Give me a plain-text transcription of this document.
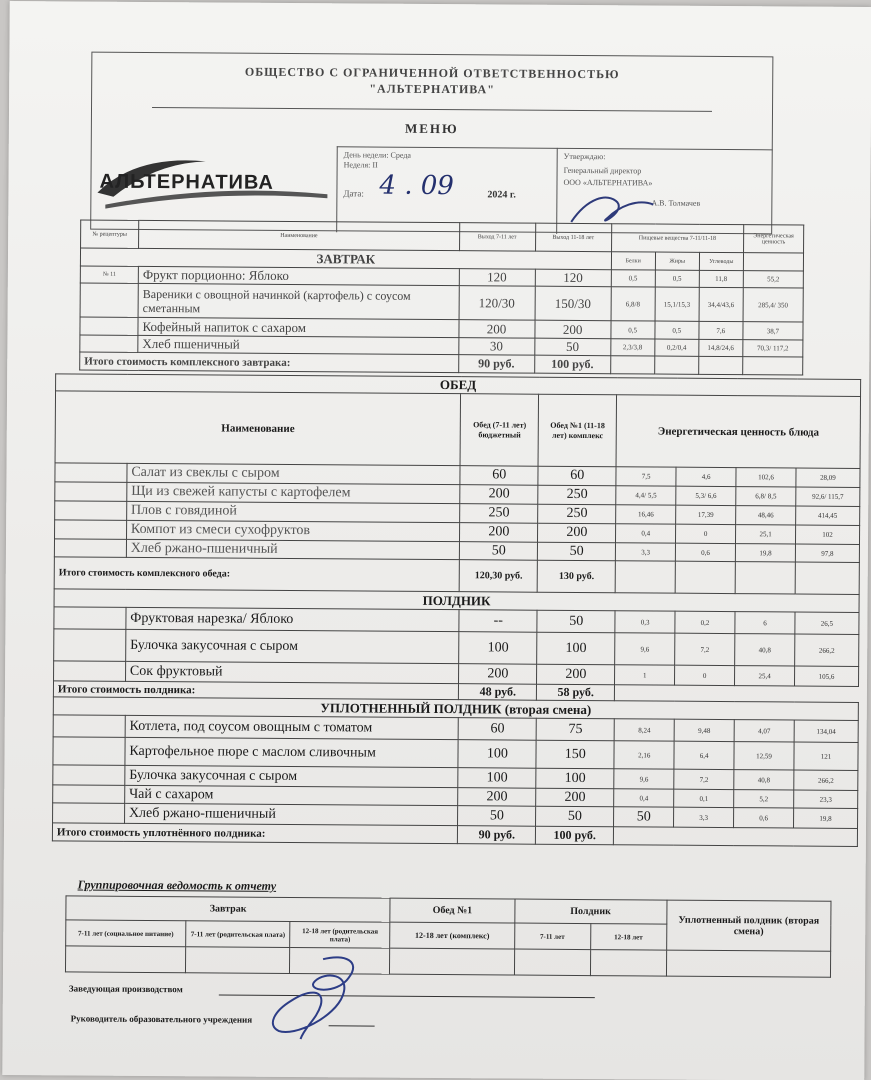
ОБЩЕСТВО С ОГРАНИЧЕННОЙ ОТВЕТСТВЕННОСТЬЮ
"АЛЬТЕРНАТИВА"
МЕНЮ
АЛЬТЕРНАТИВА
День недели: Среда
Неделя: II
Дата: 4 . 09	2024 г.
Утверждаю:
Генеральный директор
ООО «АЛЬТЕРНАТИВА»
А.В. Толмачев
№ рецептуры	Наименование	Выход 7-11 лет	Выход 11-18 лет	Пищевые вещества 7-11/11-18			Энергетическая ценность
ЗАВТРАК				Белки	Жиры	Углеводы	
№ 11	Фрукт порционно: Яблоко	120	120	0,5	0,5	11,8	55,2
	Вареники с овощной начинкой (картофель) с соусом сметанным	120/30	150/30	6,8/8	15,1/15,3	34,4/43,6	285,4/ 350
	Кофейный напиток с сахаром	200	200	0,5	0,5	7,6	38,7
	Хлеб пшеничный	30	50	2,3/3,8	0,2/0,4	14,8/24,6	70,3/ 117,2
Итого стоимость комплексного завтрака:		90 руб.	100 руб.				
ОБЕД							
Наименование		Обед (7-11 лет) бюджетный	Обед №1 (11-18 лет) комплекс	Энергетическая ценность блюда			
	Салат из свеклы с сыром	60	60	7,5	4,6	102,6	28,09
	Щи из свежей капусты с картофелем	200	250	4,4/ 5,5	5,3/ 6,6	6,8/ 8,5	92,6/ 115,7
	Плов с говядиной	250	250	16,46	17,39	48,46	414,45
	Компот из смеси сухофруктов	200	200	0,4	0	25,1	102
	Хлеб ржано-пшеничный	50	50	3,3	0,6	19,8	97,8
Итого стоимость комплексного обеда:		120,30 руб.	130 руб.				
ПОЛДНИК							
	Фруктовая нарезка/ Яблоко	--	50	0,3	0,2	6	26,5
	Булочка закусочная с сыром	100	100	9,6	7,2	40,8	266,2
	Сок фруктовый	200	200	1	0	25,4	105,6
Итого стоимость полдника:		48 руб.	58 руб.				
УПЛОТНЕННЫЙ ПОЛДНИК (вторая смена)							
	Котлета, под соусом овощным с томатом	60	75	8,24	9,48	4,07	134,04
	Картофельное пюре с маслом сливочным	100	150	2,16	6,4	12,59	121
	Булочка закусочная с сыром	100	100	9,6	7,2	40,8	266,2
	Чай с сахаром	200	200	0,4	0,1	5,2	23,3
	Хлеб ржано-пшеничный	50	50	50	3,3	0,6	19,8
Итого стоимость уплотнённого полдника:		90 руб.	100 руб.				
Группировочная ведомость к отчету
Завтрак			Обед №1	Полдник		Уплотненный полдник (вторая смена)
7-11 лет (социальное питание)	7-11 лет (родительская плата)	12-18 лет (родительская плата)	12-18 лет (комплекс)	7-11 лет	12-18 лет	

Заведующая производством
Руководитель образовательного учреждения
